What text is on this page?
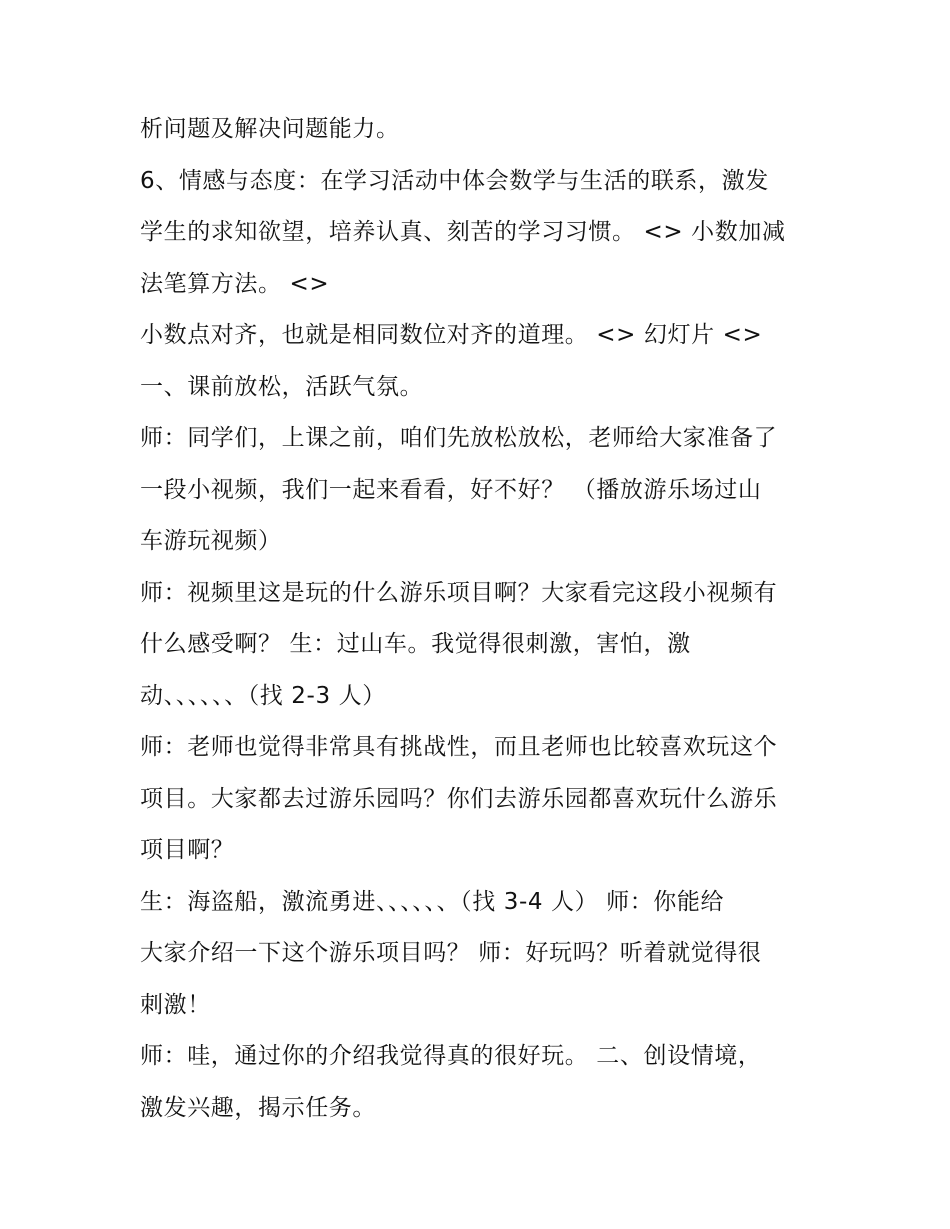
析问题及解决问题能力。
6、情感与态度：在学习活动中体会数学与生活的联系，激发
学生的求知欲望，培养认真、刻苦的学习习惯。 <> 小数加减
法笔算方法。 <>
小数点对齐，也就是相同数位对齐的道理。 <> 幻灯片 <>
一、课前放松，活跃气氛。
师：同学们，上课之前，咱们先放松放松，老师给大家准备了
一段小视频，我们一起来看看，好不好？ （播放游乐场过山
车游玩视频）
师：视频里这是玩的什么游乐项目啊？大家看完这段小视频有
什么感受啊？ 生：过山车。我觉得很刺激，害怕，激
动、、、、、、（找 2-3 人）
师：老师也觉得非常具有挑战性，而且老师也比较喜欢玩这个
项目。大家都去过游乐园吗？你们去游乐园都喜欢玩什么游乐
项目啊？
生：海盗船，激流勇进、、、、、、（找 3-4 人） 师：你能给
大家介绍一下这个游乐项目吗？ 师：好玩吗？听着就觉得很
刺激！
师：哇，通过你的介绍我觉得真的很好玩。 二、创设情境，
激发兴趣，揭示任务。
